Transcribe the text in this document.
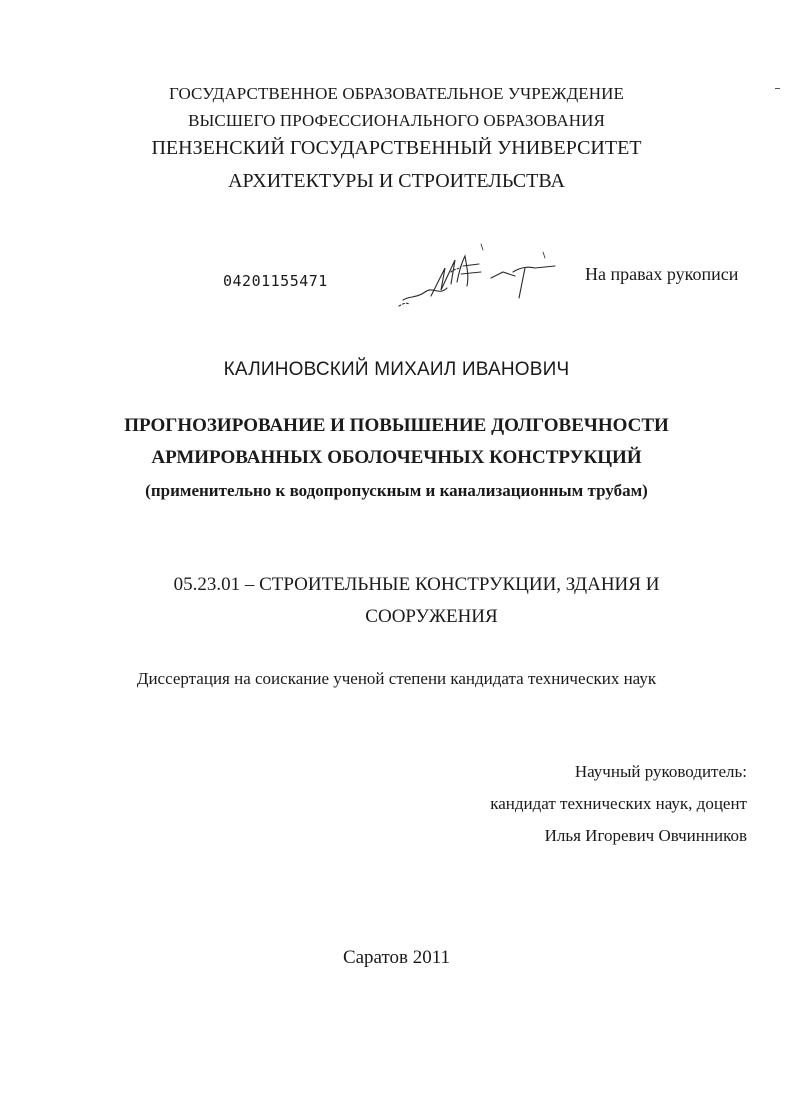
ГОСУДАРСТВЕННОЕ ОБРАЗОВАТЕЛЬНОЕ УЧРЕЖДЕНИЕ
ВЫСШЕГО ПРОФЕССИОНАЛЬНОГО ОБРАЗОВАНИЯ
ПЕНЗЕНСКИЙ ГОСУДАРСТВЕННЫЙ УНИВЕРСИТЕТ
АРХИТЕКТУРЫ И СТРОИТЕЛЬСТВА
04201155471	На правах рукописи
КАЛИНОВСКИЙ МИХАИЛ ИВАНОВИЧ
ПРОГНОЗИРОВАНИЕ И ПОВЫШЕНИЕ ДОЛГОВЕЧНОСТИ
АРМИРОВАННЫХ ОБОЛОЧЕЧНЫХ КОНСТРУКЦИЙ
(применительно к водопропускным и канализационным трубам)
05.23.01 – СТРОИТЕЛЬНЫЕ КОНСТРУКЦИИ, ЗДАНИЯ И
СООРУЖЕНИЯ
Диссертация на соискание ученой степени кандидата технических наук
Научный руководитель:
кандидат технических наук, доцент
Илья Игоревич Овчинников
Саратов 2011
